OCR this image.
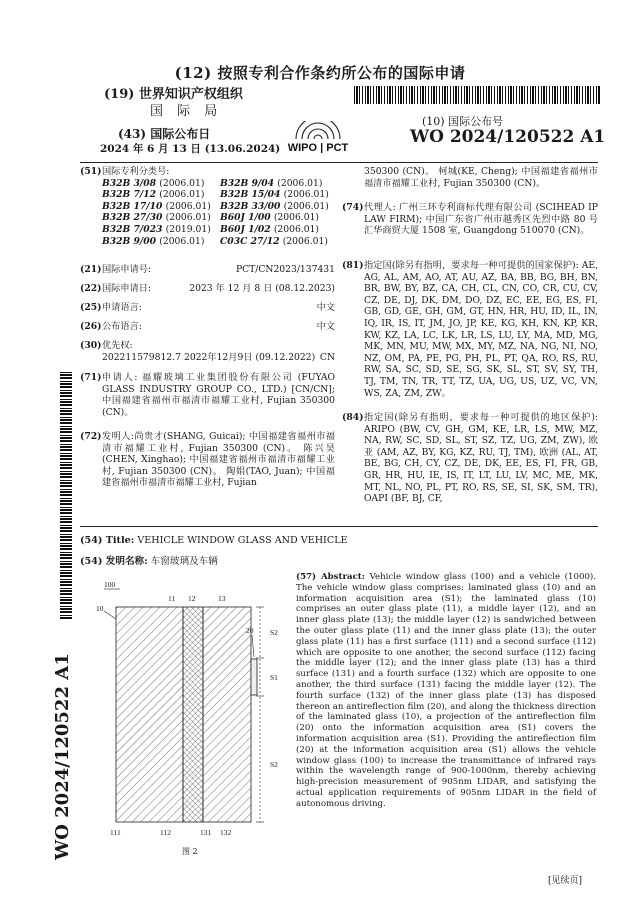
(12) 按照专利合作条约所公布的国际申请
(19) 世界知识产权组织
国 际 局
(43) 国际公布日
2024 年 6 月 13 日 (13.06.2024) WIPO | PCT
(10) 国际公布号
WO 2024/120522 A1
WO 2024/120522 A1
(51) 国际专利分类号:
B32B 3/08 (2006.01)	B32B 9/04 (2006.01)
B32B 7/12 (2006.01)	B32B 15/04 (2006.01)
B32B 17/10 (2006.01) B32B 33/00 (2006.01)
B32B 27/30 (2006.01) B60J 1/00 (2006.01)
B32B 7/023 (2019.01) B60J 1/02 (2006.01)
B32B 9/00 (2006.01)	C03C 27/12 (2006.01)
(21) 国际申请号:	PCT/CN2023/137431
(22) 国际申请日:	2023 年 12 月 8 日 (08.12.2023)
(25) 申请语言:	中文
(26) 公布语言:	中文
(30) 优先权:
202211579812.7 2022年12月9日 (09.12.2022) CN
(71) 申请人: 福耀玻璃工业集团股份有限公司 (FUYAO GLASS INDUSTRY GROUP CO., LTD.) [CN/CN]; 中国福建省福州市福清市福耀工业村, Fujian 350300 (CN)。
(72) 发明人:尚贵才(SHANG, Guicai); 中国福建省福州市福清市福耀工业村, Fujian 350300 (CN)。 陈兴昊(CHEN, Xinghao); 中国福建省福州市福清市福耀工业村, Fujian 350300 (CN)。 陶娟(TAO, Juan); 中国福建省福州市福清市福耀工业村, Fujian
350300 (CN)。 柯城(KE, Cheng); 中国福建省福州市福清市福耀工业村, Fujian 350300 (CN)。
(74) 代理人: 广州三环专利商标代理有限公司 (SCIHEAD IP LAW FIRM); 中国广东省广州市越秀区先烈中路 80 号汇华商贸大厦 1508 室, Guangdong 510070 (CN)。
(81) 指定国(除另有指明，要求每一种可提供的国家保护): AE, AG, AL, AM, AO, AT, AU, AZ, BA, BB, BG, BH, BN, BR, BW, BY, BZ, CA, CH, CL, CN, CO, CR, CU, CV, CZ, DE, DJ, DK, DM, DO, DZ, EC, EE, EG, ES, FI, GB, GD, GE, GH, GM, GT, HN, HR, HU, ID, IL, IN, IQ, IR, IS, IT, JM, JO, JP, KE, KG, KH, KN, KP, KR, KW, KZ, LA, LC, LK, LR, LS, LU, LY, MA, MD, MG, MK, MN, MU, MW, MX, MY, MZ, NA, NG, NI, NO, NZ, OM, PA, PE, PG, PH, PL, PT, QA, RO, RS, RU, RW, SA, SC, SD, SE, SG, SK, SL, ST, SV, SY, TH, TJ, TM, TN, TR, TT, TZ, UA, UG, US, UZ, VC, VN, WS, ZA, ZM, ZW。
(84) 指定国(除另有指明，要求每一种可提供的地区保护): ARIPO (BW, CV, GH, GM, KE, LR, LS, MW, MZ, NA, RW, SC, SD, SL, ST, SZ, TZ, UG, ZM, ZW), 欧亚 (AM, AZ, BY, KG, KZ, RU, TJ, TM), 欧洲 (AL, AT, BE, BG, CH, CY, CZ, DE, DK, EE, ES, FI, FR, GB, GR, HR, HU, IE, IS, IT, LT, LU, LV, MC, ME, MK, MT, NL, NO, PL, PT, RO, RS, SE, SI, SK, SM, TR), OAPI (BF, BJ, CF,
(54) Title: VEHICLE WINDOW GLASS AND VEHICLE
(54) 发明名称: 车窗玻璃及车辆
100
10
11 12	13
20 S2
S1
S2
111	112	131 132
图 2
(57) Abstract: Vehicle window glass (100) and a vehicle (1000). The vehicle window glass comprises: laminated glass (10) and an information acquisition area (S1); the laminated glass (10) comprises an outer glass plate (11), a middle layer (12), and an inner glass plate (13); the middle layer (12) is sandwiched between the outer glass plate (11) and the inner glass plate (13); the outer glass plate (11) has a first surface (111) and a second surface (112) which are opposite to one another, the second surface (112) facing the middle layer (12); and the inner glass plate (13) has a third surface (131) and a fourth surface (132) which are opposite to one another, the third surface (131) facing the middle layer (12). The fourth surface (132) of the inner glass plate (13) has disposed thereon an antireflection film (20), and along the thickness direction of the laminated glass (10), a projection of the antireflection film (20) onto the information acquisition area (S1) covers the information acquisition area (S1). Providing the antireflection film (20) at the information acquisition area (S1) allows the vehicle window glass (100) to increase the transmittance of infrared rays within the wavelength range of 900-1000nm, thereby achieving high-precision measurement of 905nm LIDAR, and satisfying the actual application requirements of 905nm LIDAR in the field of autonomous driving.
[见续页]
